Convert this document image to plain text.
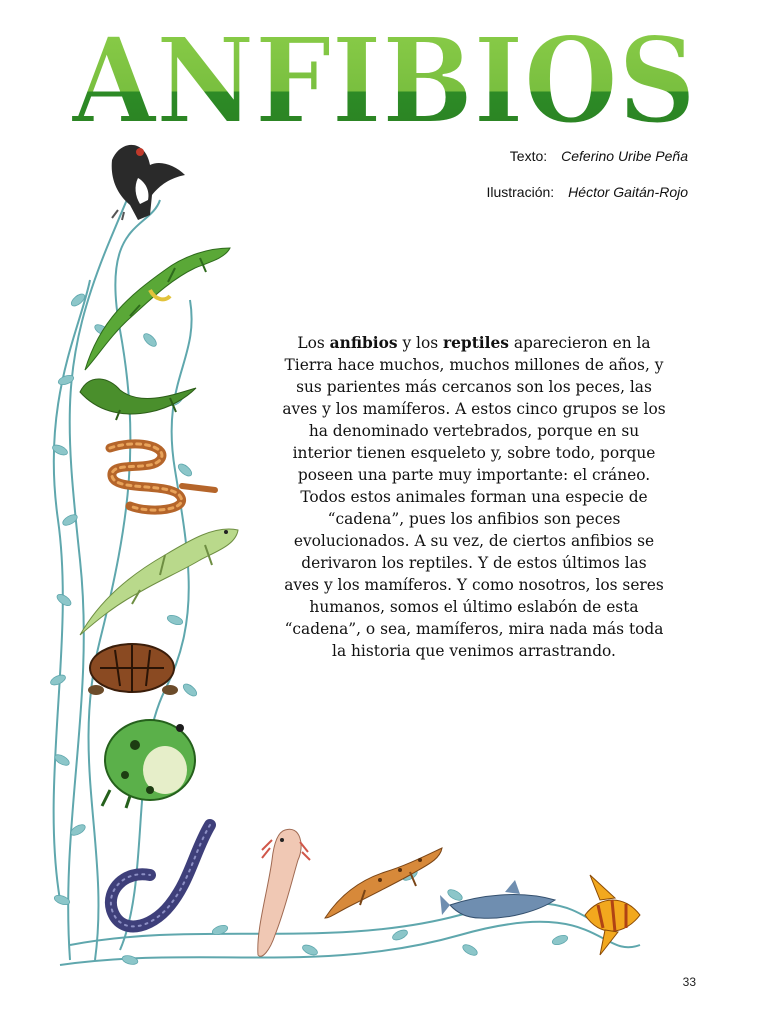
ANFIBIOS
Texto: Ceferino Uribe Peña
Ilustración: Héctor Gaitán-Rojo

Los anfibios y los reptiles aparecieron en la Tierra hace muchos, muchos millones de años, y sus parientes más cercanos son los peces, las aves y los mamíferos. A estos cinco grupos se los ha denominado vertebrados, porque en su interior tienen esqueleto y, sobre todo, porque poseen una parte muy importante: el cráneo.

Todos estos animales forman una especie de “cadena”, pues los anfibios son peces evolucionados. A su vez, de ciertos anfibios se derivaron los reptiles. Y de estos últimos las aves y los mamíferos. Y como nosotros, los seres humanos, somos el último eslabón de esta “cadena”, o sea, mamíferos, mira nada más toda la historia que venimos arrastrando.

33
